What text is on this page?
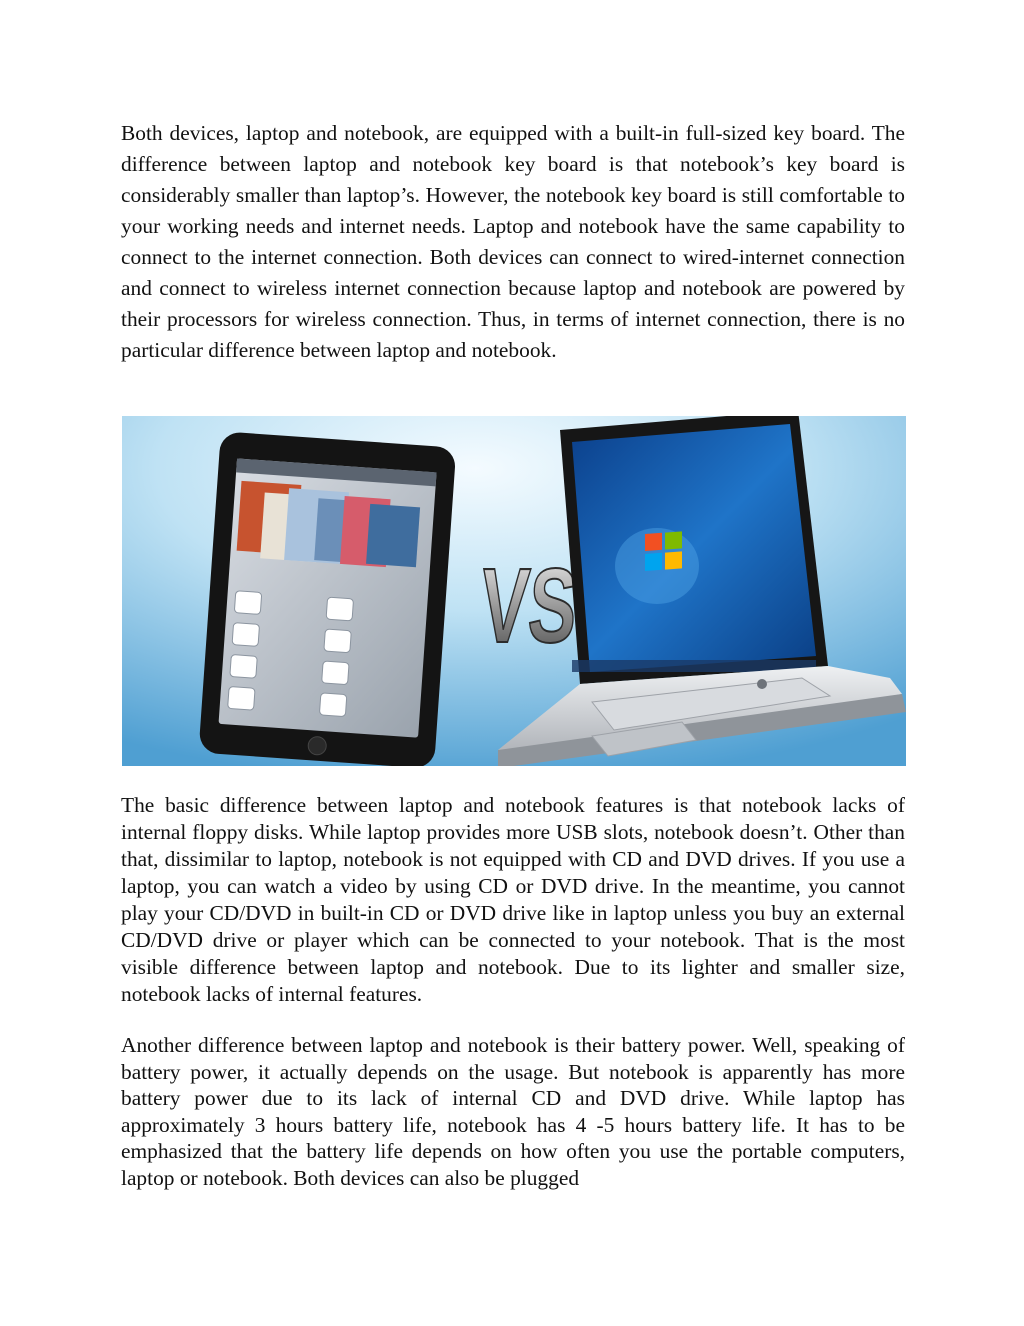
Both devices, laptop and notebook, are equipped with a built-in full-sized key board. The difference between laptop and notebook key board is that notebook’s key board is considerably smaller than laptop’s. However, the notebook key board is still comfortable to your working needs and internet needs. Laptop and notebook have the same capability to connect to the internet connection. Both devices can connect to wired-internet connection and connect to wireless internet connection because laptop and notebook are powered by their processors for wireless connection. Thus, in terms of internet connection, there is no particular difference between laptop and notebook.

VS

The basic difference between laptop and notebook features is that notebook lacks of internal floppy disks. While laptop provides more USB slots, notebook doesn’t. Other than that, dissimilar to laptop, notebook is not equipped with CD and DVD drives. If you use a laptop, you can watch a video by using CD or DVD drive. In the meantime, you cannot play your CD/DVD in built-in CD or DVD drive like in laptop unless you buy an external CD/DVD drive or player which can be connected to your notebook. That is the most visible difference between laptop and notebook. Due to its lighter and smaller size, notebook lacks of internal features.

Another difference between laptop and notebook is their battery power. Well, speaking of battery power, it actually depends on the usage. But notebook is apparently has more battery power due to its lack of internal CD and DVD drive. While laptop has approximately 3 hours battery life, notebook has 4 -5 hours battery life. It has to be emphasized that the battery life depends on how often you use the portable computers, laptop or notebook. Both devices can also be plugged
